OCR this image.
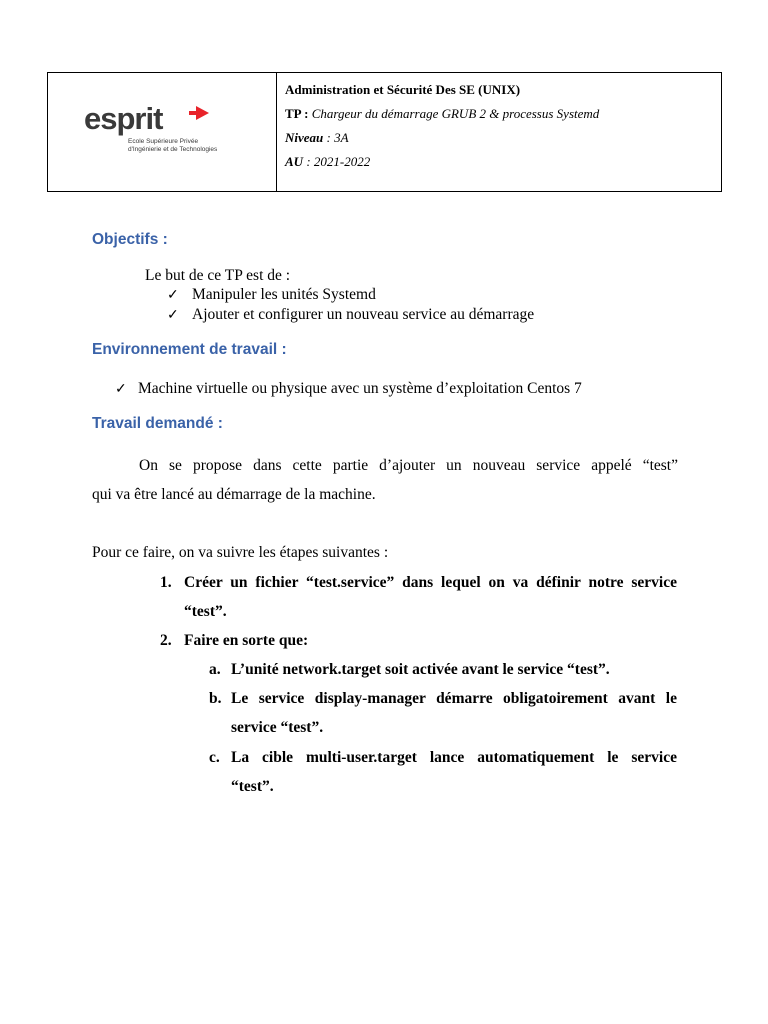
esprit
Ecole Supérieure Privée
d'Ingénierie et de Technologies
Administration et Sécurité Des SE (UNIX)
TP : Chargeur du démarrage GRUB 2 & processus Systemd
Niveau : 3A
AU : 2021-2022
Objectifs :
Le but de ce TP est de :
✓ Manipuler les unités Systemd
✓ Ajouter et configurer un nouveau service au démarrage
Environnement de travail :
✓ Machine virtuelle ou physique avec un système d’exploitation Centos 7
Travail demandé :
On se propose dans cette partie d’ajouter un nouveau service appelé “test”
qui va être lancé au démarrage de la machine.
Pour ce faire, on va suivre les étapes suivantes :
1. Créer un fichier “test.service” dans lequel on va définir notre service
“test”.
2. Faire en sorte que:
a. L’unité network.target soit activée avant le service “test”.
b. Le service display-manager démarre obligatoirement avant le
service “test”.
c. La cible multi-user.target lance automatiquement le service
“test”.
